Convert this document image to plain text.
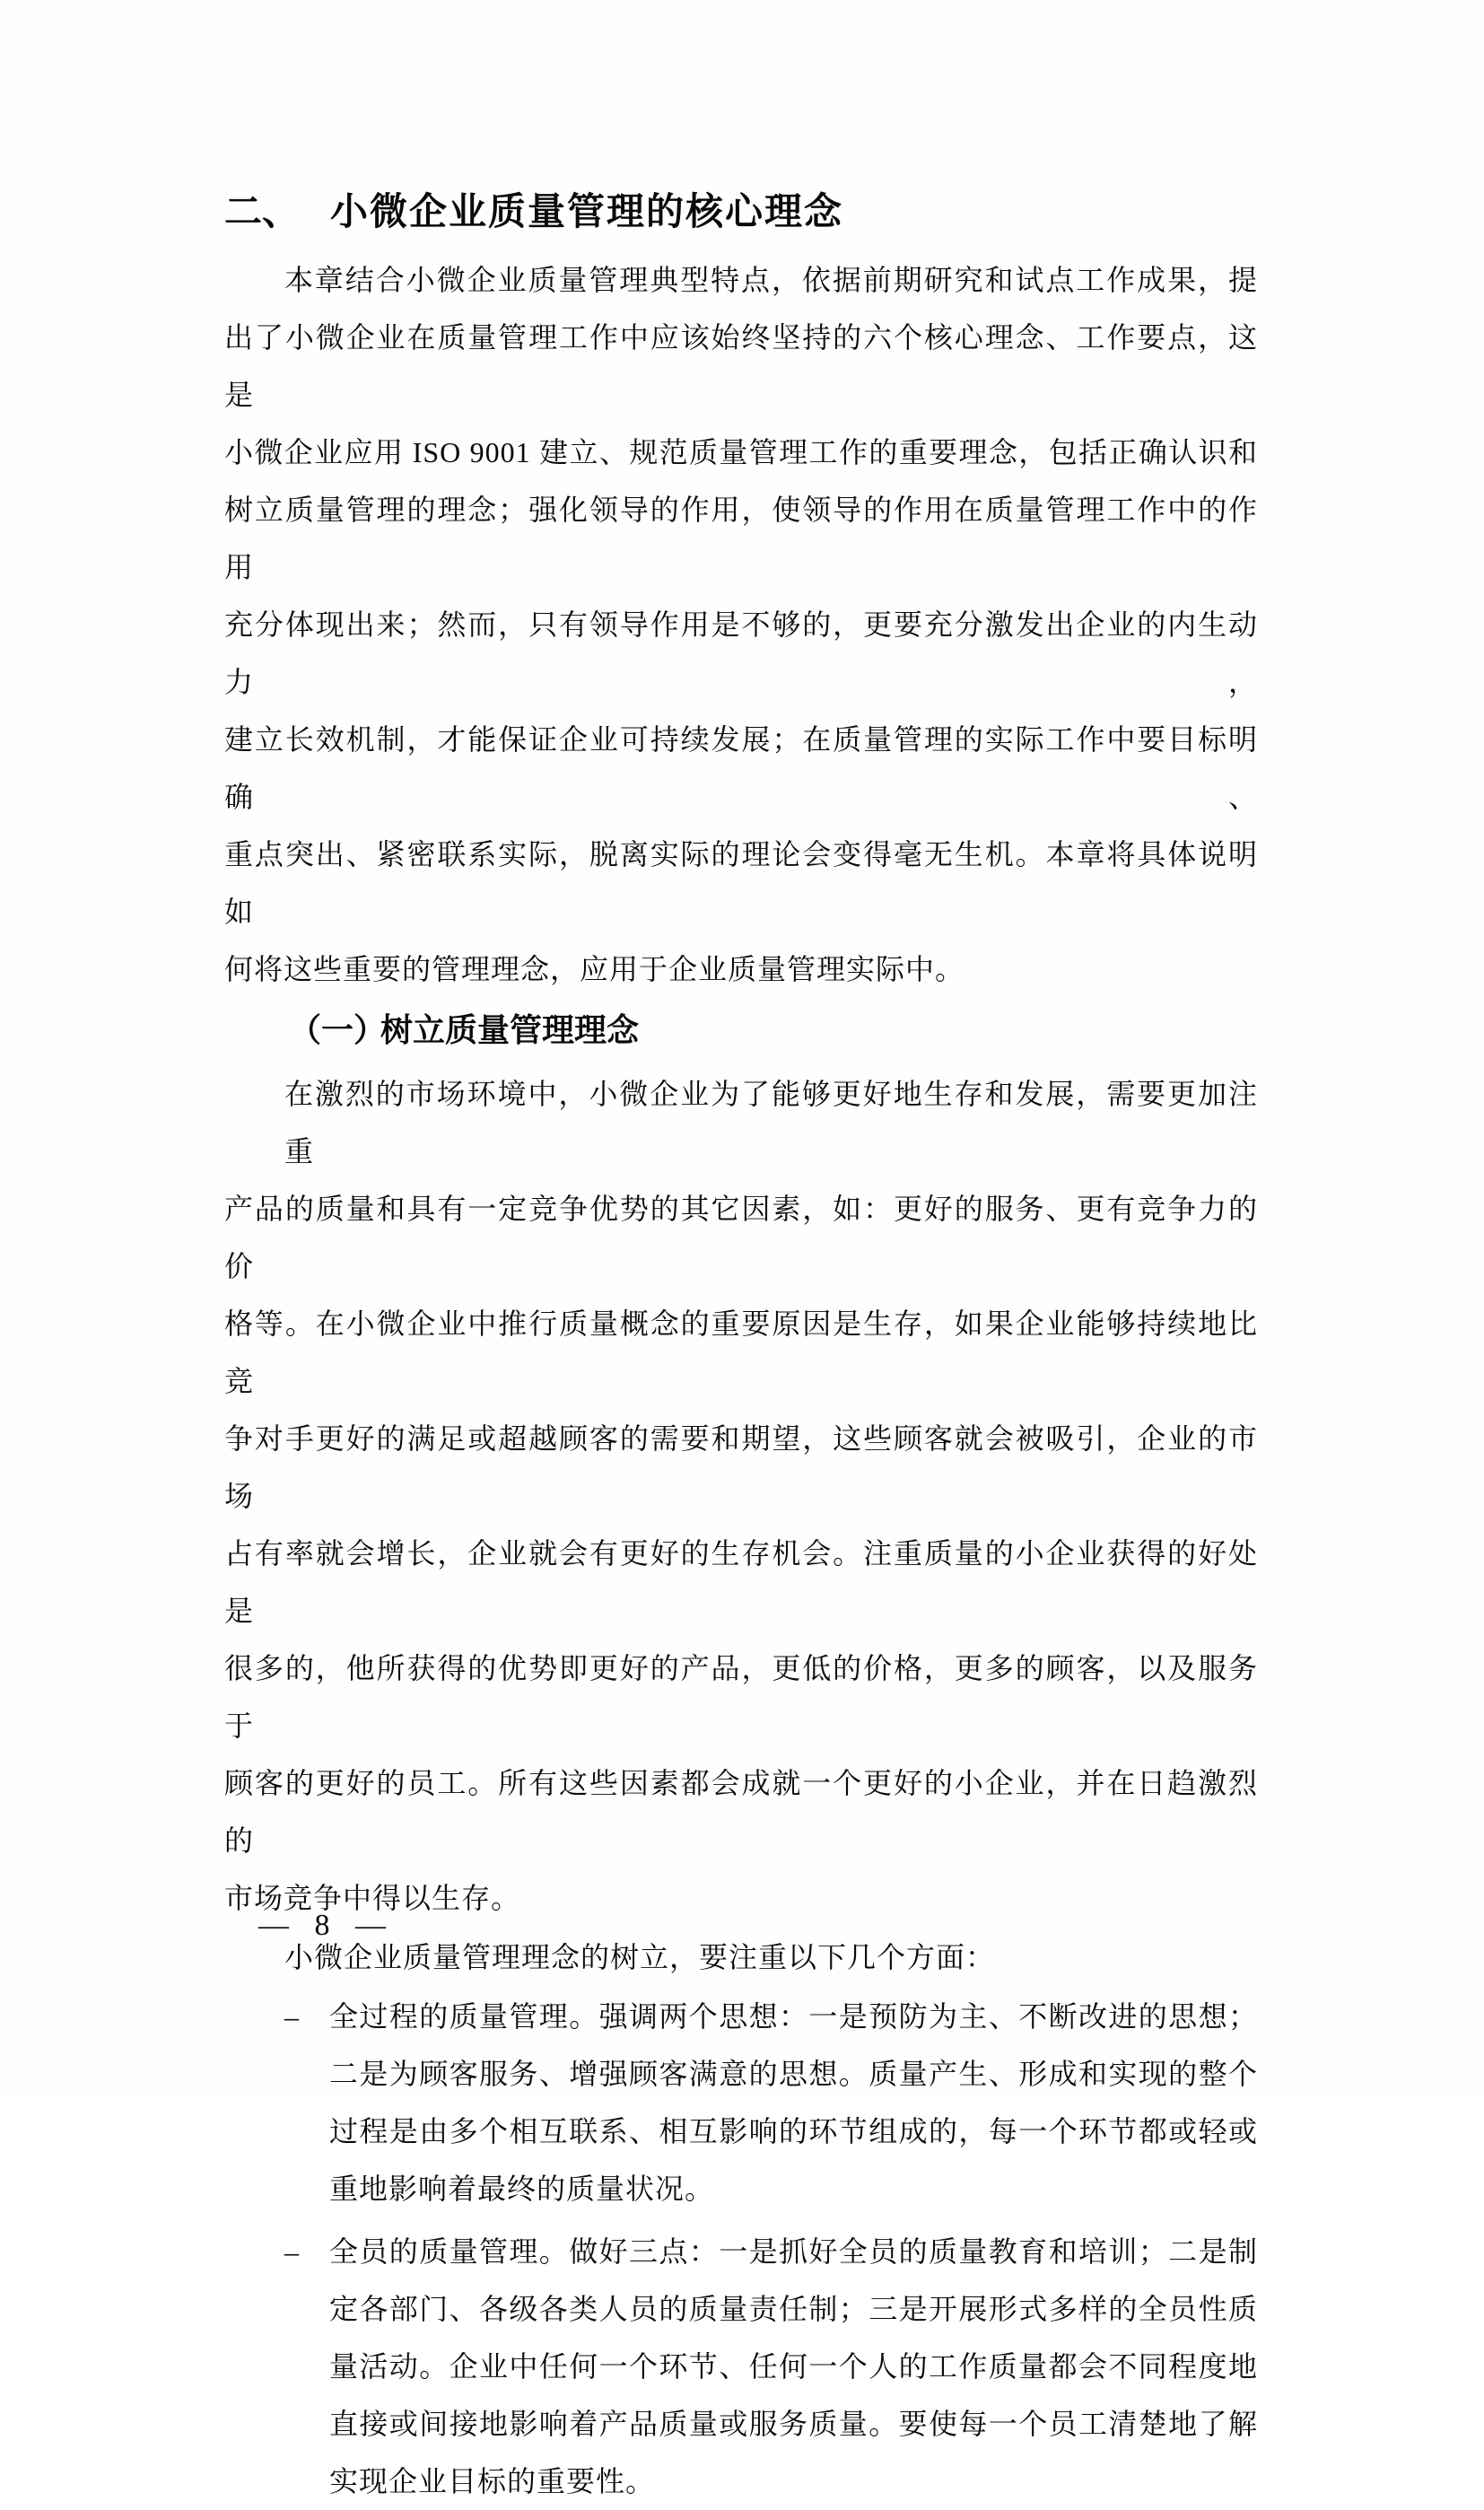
二、 小微企业质量管理的核心理念
本章结合小微企业质量管理典型特点，依据前期研究和试点工作成果，提
出了小微企业在质量管理工作中应该始终坚持的六个核心理念、工作要点，这是
小微企业应用 ISO 9001 建立、规范质量管理工作的重要理念，包括正确认识和
树立质量管理的理念；强化领导的作用，使领导的作用在质量管理工作中的作用
充分体现出来；然而，只有领导作用是不够的，更要充分激发出企业的内生动力，
建立长效机制，才能保证企业可持续发展；在质量管理的实际工作中要目标明确、
重点突出、紧密联系实际，脱离实际的理论会变得毫无生机。本章将具体说明如
何将这些重要的管理理念，应用于企业质量管理实际中。
（一）树立质量管理理念
在激烈的市场环境中，小微企业为了能够更好地生存和发展，需要更加注重
产品的质量和具有一定竞争优势的其它因素，如：更好的服务、更有竞争力的价
格等。在小微企业中推行质量概念的重要原因是生存，如果企业能够持续地比竞
争对手更好的满足或超越顾客的需要和期望，这些顾客就会被吸引，企业的市场
占有率就会增长，企业就会有更好的生存机会。注重质量的小企业获得的好处是
很多的，他所获得的优势即更好的产品，更低的价格，更多的顾客，以及服务于
顾客的更好的员工。所有这些因素都会成就一个更好的小企业，并在日趋激烈的
市场竞争中得以生存。
小微企业质量管理理念的树立，要注重以下几个方面：
– 全过程的质量管理。强调两个思想：一是预防为主、不断改进的思想；
二是为顾客服务、增强顾客满意的思想。质量产生、形成和实现的整个
过程是由多个相互联系、相互影响的环节组成的，每一个环节都或轻或
重地影响着最终的质量状况。
– 全员的质量管理。做好三点：一是抓好全员的质量教育和培训；二是制
定各部门、各级各类人员的质量责任制；三是开展形式多样的全员性质
量活动。企业中任何一个环节、任何一个人的工作质量都会不同程度地
直接或间接地影响着产品质量或服务质量。要使每一个员工清楚地了解
实现企业目标的重要性。
— 8 —
